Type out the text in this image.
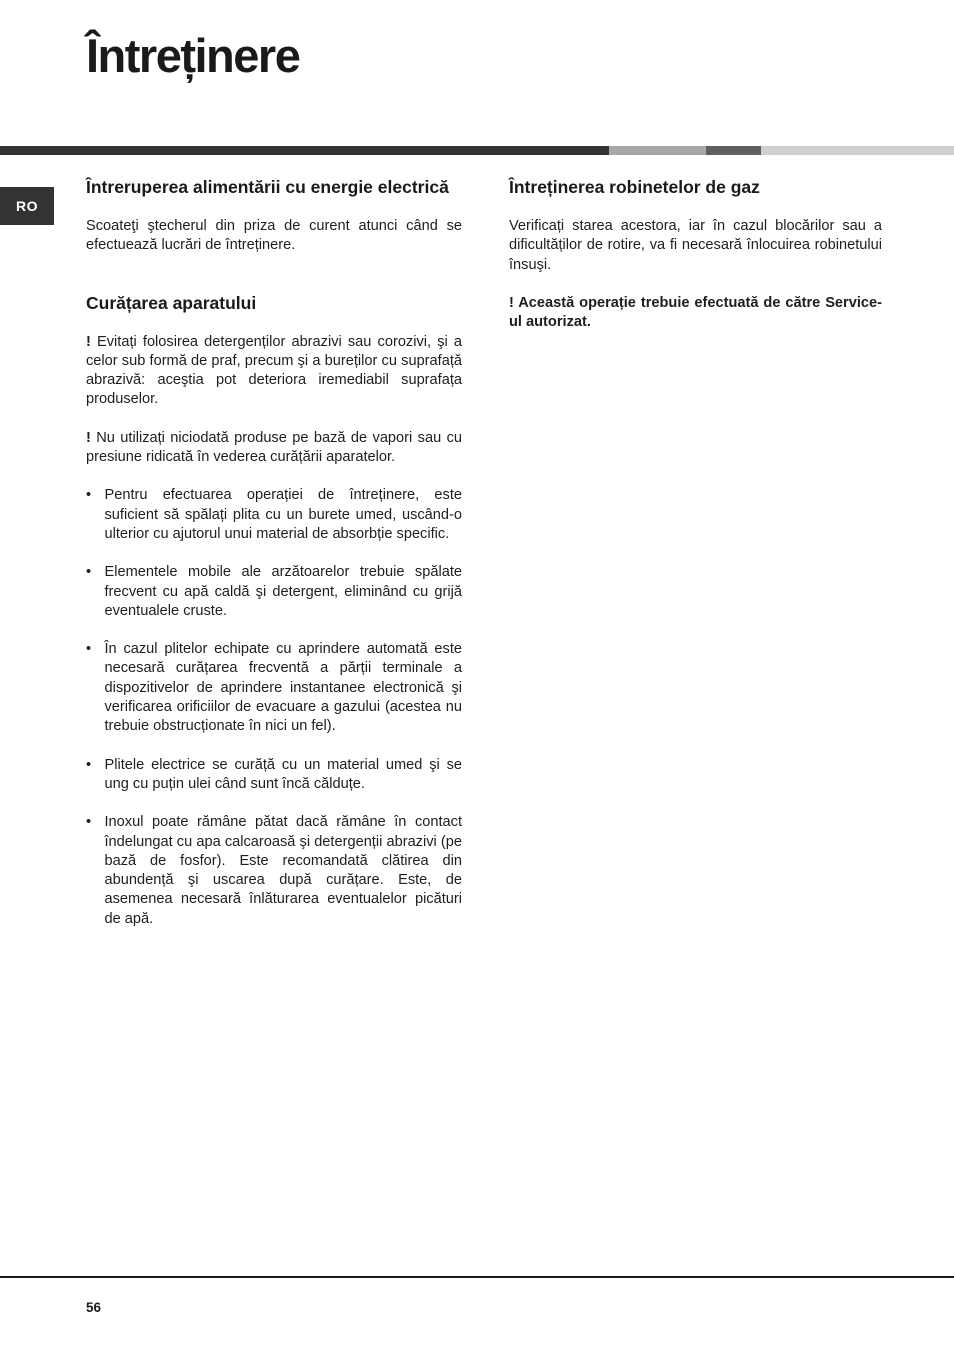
Întreținere
RO
Întreruperea alimentării cu energie electrică

Scoateţi ştecherul din priza de curent atunci când se efectuează lucrări de întreținere.

Curățarea aparatului

! Evitați folosirea detergenților abrazivi sau corozivi, şi a celor sub formă de praf, precum şi a bureților cu suprafață abrazivă: aceştia pot deteriora iremediabil suprafața produselor.

! Nu utilizați niciodată produse pe bază de vapori sau cu presiune ridicată în vederea curățării aparatelor.

• Pentru efectuarea operației de întreținere, este suficient să spălați plita cu un burete umed, uscând-o ulterior cu ajutorul unui material de absorbție specific.
• Elementele mobile ale arzătoarelor trebuie spălate frecvent cu apă caldă şi detergent, eliminând cu grijă eventualele cruste.
• În cazul plitelor echipate cu aprindere automată este necesară curățarea frecventă a părții terminale a dispozitivelor de aprindere instantanee electronică şi verificarea orificiilor de evacuare a gazului (acestea nu trebuie obstrucționate în nici un fel).
• Plitele electrice se curăță cu un material umed şi se ung cu puțin ulei când sunt încă călduțe.
• Inoxul poate rămâne pătat dacă rămâne în contact îndelungat cu apa calcaroasă şi detergenții abrazivi (pe bază de fosfor). Este recomandată clătirea din abundență şi uscarea după curățare. Este, de asemenea necesară înlăturarea eventualelor picături de apă.
Întreținerea robinetelor de gaz

Verificați starea acestora, iar în cazul blocărilor sau a dificultăților de rotire, va fi necesară înlocuirea robinetului însuşi.

! Această operație trebuie efectuată de către Service-ul autorizat.

56
